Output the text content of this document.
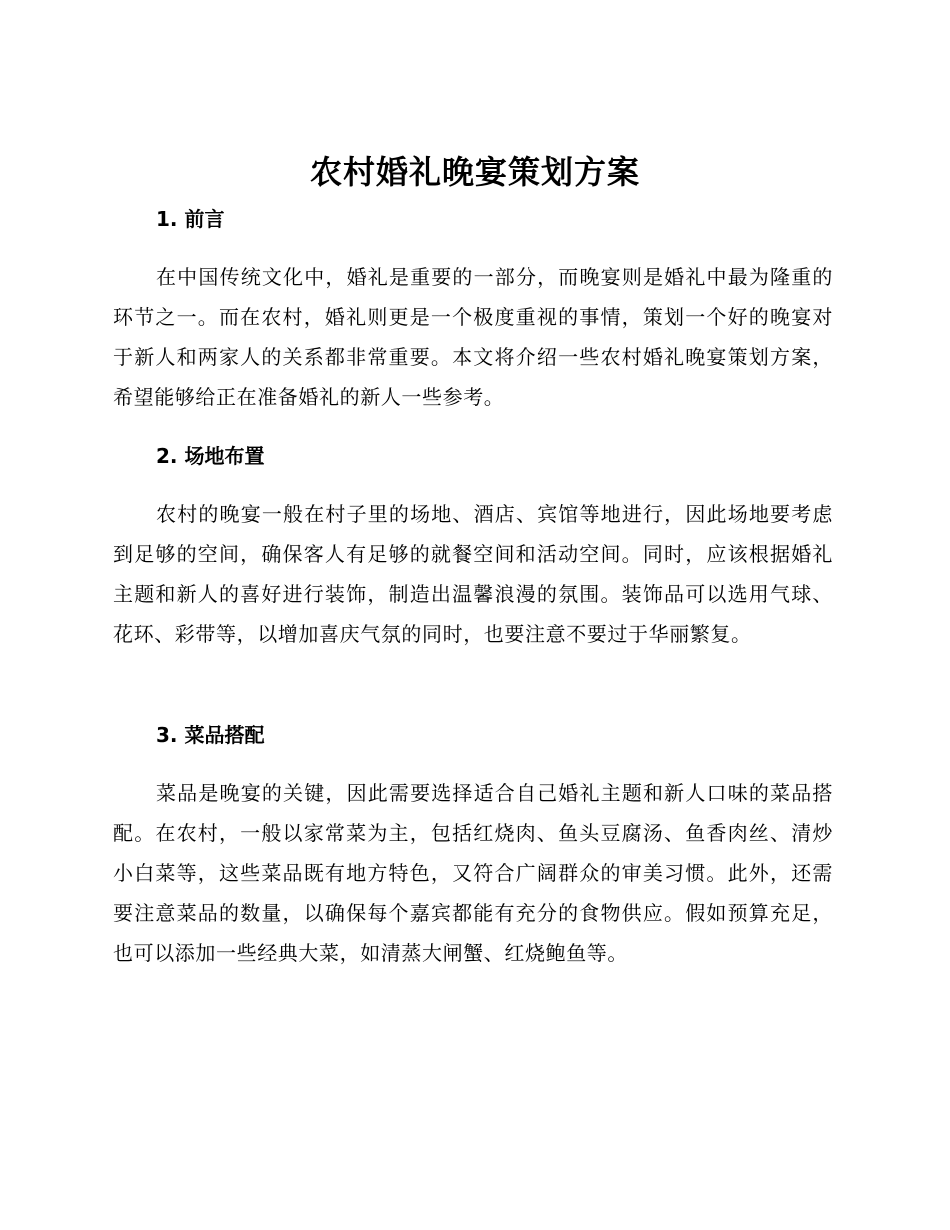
农村婚礼晚宴策划方案
1. 前言

在中国传统文化中，婚礼是重要的一部分，而晚宴则是婚礼中最为隆重的环节之一。而在农村，婚礼则更是一个极度重视的事情，策划一个好的晚宴对于新人和两家人的关系都非常重要。本文将介绍一些农村婚礼晚宴策划方案，希望能够给正在准备婚礼的新人一些参考。

2. 场地布置

农村的晚宴一般在村子里的场地、酒店、宾馆等地进行，因此场地要考虑到足够的空间，确保客人有足够的就餐空间和活动空间。同时，应该根据婚礼主题和新人的喜好进行装饰，制造出温馨浪漫的氛围。装饰品可以选用气球、花环、彩带等，以增加喜庆气氛的同时，也要注意不要过于华丽繁复。

3. 菜品搭配

菜品是晚宴的关键，因此需要选择适合自己婚礼主题和新人口味的菜品搭配。在农村，一般以家常菜为主，包括红烧肉、鱼头豆腐汤、鱼香肉丝、清炒小白菜等，这些菜品既有地方特色，又符合广阔群众的审美习惯。此外，还需要注意菜品的数量，以确保每个嘉宾都能有充分的食物供应。假如预算充足，也可以添加一些经典大菜，如清蒸大闸蟹、红烧鲍鱼等。
